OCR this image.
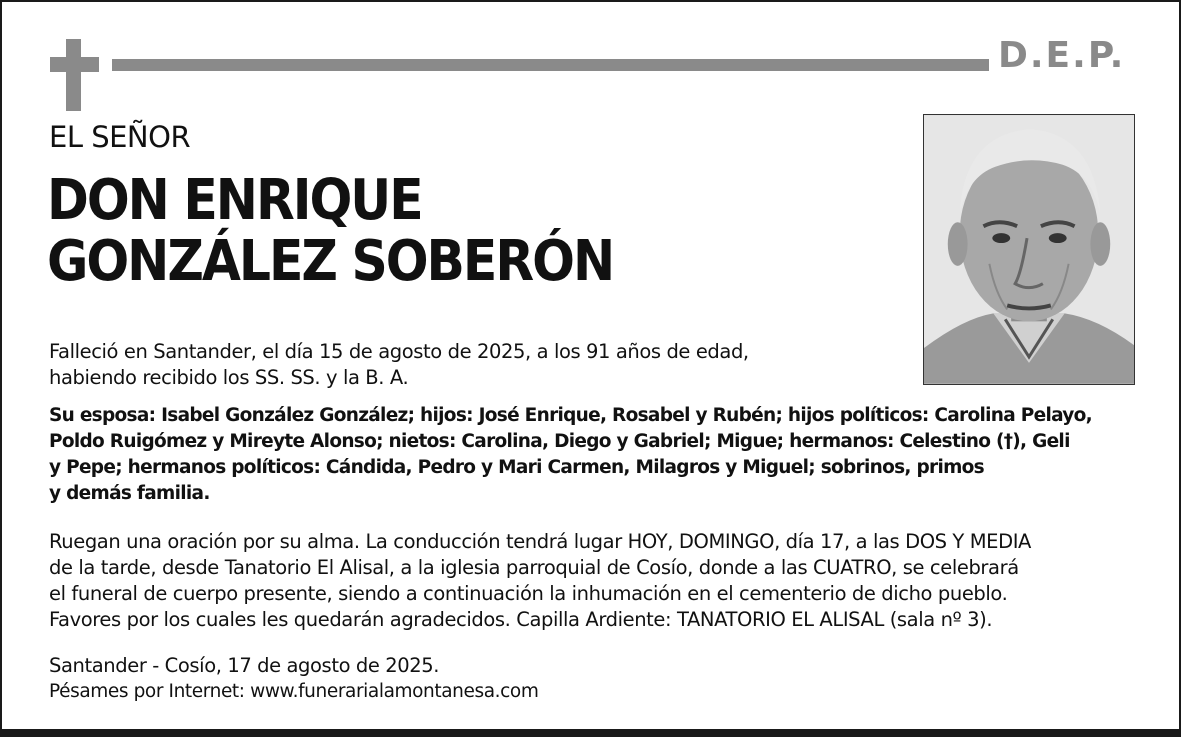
D.E.P.
EL SEÑOR
DON ENRIQUE
GONZÁLEZ SOBERÓN
Falleció en Santander, el día 15 de agosto de 2025, a los 91 años de edad,
habiendo recibido los SS. SS. y la B. A.
Su esposa: Isabel González González; hijos: José Enrique, Rosabel y Rubén; hijos políticos: Carolina Pelayo,
Poldo Ruigómez y Mireyte Alonso; nietos: Carolina, Diego y Gabriel; Migue; hermanos: Celestino (†), Geli
y Pepe; hermanos políticos: Cándida, Pedro y Mari Carmen, Milagros y Miguel; sobrinos, primos
y demás familia.
Ruegan una oración por su alma. La conducción tendrá lugar HOY, DOMINGO, día 17, a las DOS Y MEDIA
de la tarde, desde Tanatorio El Alisal, a la iglesia parroquial de Cosío, donde a las CUATRO, se celebrará
el funeral de cuerpo presente, siendo a continuación la inhumación en el cementerio de dicho pueblo.
Favores por los cuales les quedarán agradecidos. Capilla Ardiente: TANATORIO EL ALISAL (sala nº 3).
Santander - Cosío, 17 de agosto de 2025.
Pésames por Internet: www.funerarialamontanesa.com
